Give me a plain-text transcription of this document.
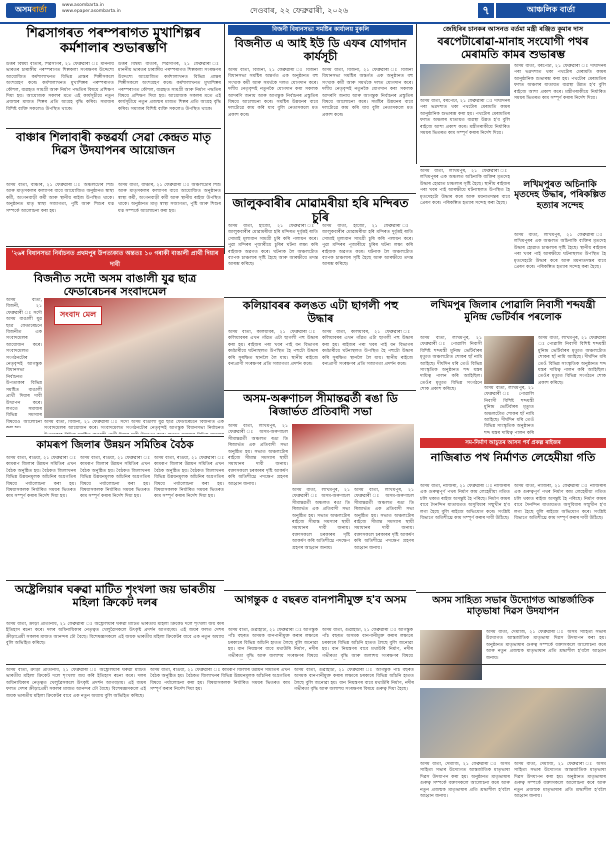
অসম বাৰ্তা	www.asombarta.in
www.epaper.asombarta.in	দেওবাৰ, ২২ ফেব্ৰুৱাৰী, ২০২৬	৭	আঞ্চলিক বাৰ্তা
শিৱসাগৰত পৰম্পৰাগত মুখাশিল্পৰ কৰ্মশালাৰ শুভাৰম্ভণি
উত্তৰ বিশ্বৰ্য্য বাতৰি, শিৱসাগৰ, ২১ ফেব্ৰুৱাৰী ঃ মাননীয় ভাৰতৰ চাৰাঙ্গীয় পৰম্পৰাগত শিল্পকলা সংৰক্ষণৰ উদ্দেশ্যে আয়োজিত কৰ্মশালাখনত বিভিন্ন প্ৰান্তৰ শিল্পীসকলে অংশগ্ৰহণ কৰে। কৰ্মশালাখনত মুখাশিল্পৰ পৰম্পৰাগত কৌশল, ব্যৱহৃত সামগ্ৰী আৰু নিৰ্মাণ পদ্ধতিৰ বিষয়ে প্ৰশিক্ষণ দিয়া হয়। আয়োজক সকলৰ মতে এই কাৰ্যসূচীয়ে নতুন প্ৰজন্মৰ মাজত শিল্পৰ প্ৰতি আগ্ৰহ বৃদ্ধি কৰিব। সমাজৰ বিশিষ্ট ব্যক্তি সকলেও উপস্থিত থাকে।
উত্তৰ বিশ্বৰ্য্য বাতৰি, শিৱসাগৰ, ২১ ফেব্ৰুৱাৰী ঃ মাননীয় ভাৰতৰ চাৰাঙ্গীয় পৰম্পৰাগত শিল্পকলা সংৰক্ষণৰ উদ্দেশ্যে আয়োজিত কৰ্মশালাখনত বিভিন্ন প্ৰান্তৰ শিল্পীসকলে অংশগ্ৰহণ কৰে। কৰ্মশালাখনত মুখাশিল্পৰ পৰম্পৰাগত কৌশল, ব্যৱহৃত সামগ্ৰী আৰু নিৰ্মাণ পদ্ধতিৰ বিষয়ে প্ৰশিক্ষণ দিয়া হয়। আয়োজক সকলৰ মতে এই কাৰ্যসূচীয়ে নতুন প্ৰজন্মৰ মাজত শিল্পৰ প্ৰতি আগ্ৰহ বৃদ্ধি কৰিব। সমাজৰ বিশিষ্ট ব্যক্তি সকলেও উপস্থিত থাকে।
বাঞ্চাৰ শিলাবাৰী কন্তৱৰ্যা সেৱা কেন্দ্ৰত মাতৃ দিৱস উদযাপনৰ আয়োজন
অসম বাৰ্তা, বাঞ্চাৰ, ২১ ফেব্ৰুৱাৰী ঃ অঞ্চলটোৰ শিশু আৰু মাতৃসকলৰ কল্যাণৰ বাবে আয়োজিত অনুষ্ঠানত স্বাস্থ্য কৰ্মী, অংগনবাড়ী কৰ্মী আৰু স্থানীয় ৰাইজ উপস্থিত থাকে। অনুষ্ঠানত মাতৃ স্বাস্থ্য সজাগতা, পুষ্টি আৰু শিশুৰ যত্ন সম্পৰ্কে আলোচনা কৰা হয়।
অসম বাৰ্তা, বাঞ্চাৰ, ২১ ফেব্ৰুৱাৰী ঃ অঞ্চলটোৰ শিশু আৰু মাতৃসকলৰ কল্যাণৰ বাবে আয়োজিত অনুষ্ঠানত স্বাস্থ্য কৰ্মী, অংগনবাড়ী কৰ্মী আৰু স্থানীয় ৰাইজ উপস্থিত থাকে। অনুষ্ঠানত মাতৃ স্বাস্থ্য সজাগতা, পুষ্টি আৰু শিশুৰ যত্ন সম্পৰ্কে আলোচনা কৰা হয়।
বিজনী বিধানসভা সমষ্টিৰ কাৰ্যালয় মুকলি
বিজনীত এ আই ইউ ডি এফৰ যোগদান কাৰ্যসূচী
অসম বাৰ্তা, বিজনী, ২১ ফেব্ৰুৱাৰী ঃ বিজনী বিধানসভা সমষ্টিৰ অন্তৰ্গত এক অনুষ্ঠানত বহু সংখ্যক কৰ্মী আৰু সমৰ্থকে দলত যোগদান কৰে। দলীয় নেতৃবৃন্দই নতুনকৈ যোগদান কৰা সকলক আদৰণি জনায় আৰু আগন্তুক নিৰ্বাচনৰ প্ৰস্তুতিৰ বিষয়ে আলোচনা কৰে। সমষ্টিৰ উন্নয়নৰ বাবে দলটোৱে কাম কৰি যাব বুলি নেতাসকলে মত প্ৰকাশ কৰে।
অসম বাৰ্তা, বিজনী, ২১ ফেব্ৰুৱাৰী ঃ বিজনী বিধানসভা সমষ্টিৰ অন্তৰ্গত এক অনুষ্ঠানত বহু সংখ্যক কৰ্মী আৰু সমৰ্থকে দলত যোগদান কৰে। দলীয় নেতৃবৃন্দই নতুনকৈ যোগদান কৰা সকলক আদৰণি জনায় আৰু আগন্তুক নিৰ্বাচনৰ প্ৰস্তুতিৰ বিষয়ে আলোচনা কৰে। সমষ্টিৰ উন্নয়নৰ বাবে দলটোৱে কাম কৰি যাব বুলি নেতাসকলে মত প্ৰকাশ কৰে।
জেহিৰিৰ চানকৰ আসনত বৰ্তমা মন্ত্ৰী ৰঞ্জিত কুমাৰ দাস
বৰপেটাৰোৱা-মানাহ সংযোগী পথৰ মেৰামতি কামৰ শুভাৰম্ভ
অসম বাৰ্তা, বৰপেটা, ২১ ফেব্ৰুৱাৰী ঃ দীৰ্ঘদিনৰ পৰা ভগ্নদশাত থকা পথটোৰ মেৰামতি কামৰ আনুষ্ঠানিক শুভাৰম্ভ কৰা হয়। পথটোৰ মেৰামতিৰ ফলত অঞ্চলৰ যাতায়ত ব্যৱস্থা উন্নত হ'ব বুলি ৰাইজে আশা প্ৰকাশ কৰে। মন্ত্ৰীগৰাকীয়ে নিৰ্ধাৰিত সময়ৰ ভিতৰত কাম সম্পূৰ্ণ কৰাৰ নিৰ্দেশ দিয়ে।
অসম বাৰ্তা, বৰপেটা, ২১ ফেব্ৰুৱাৰী ঃ দীৰ্ঘদিনৰ পৰা ভগ্নদশাত থকা পথটোৰ মেৰামতি কামৰ আনুষ্ঠানিক শুভাৰম্ভ কৰা হয়। পথটোৰ মেৰামতিৰ ফলত অঞ্চলৰ যাতায়ত ব্যৱস্থা উন্নত হ'ব বুলি ৰাইজে আশা প্ৰকাশ কৰে। মন্ত্ৰীগৰাকীয়ে নিৰ্ধাৰিত সময়ৰ ভিতৰত কাম সম্পূৰ্ণ কৰাৰ নিৰ্দেশ দিয়ে।
জালুকবাৰীৰ মোৱামৰীয়া হৰি মন্দিৰত চুৰি
অসম বাৰ্তা, হাজো, ২১ ফেব্ৰুৱাৰী ঃ জালুকবাৰীৰ মোৱামৰীয়া হৰি মন্দিৰত দুৰ্বৃত্তই ৰাতি সোমাই মূল্যবান সামগ্ৰী চুৰি কৰি পলায়ন কৰে। পুৱা মন্দিৰৰ পূজাৰীয়ে চুৰিৰ ঘটনা লক্ষ্য কৰি ৰাইজক অৱগত কৰে। ঘটনাক লৈ অঞ্চলটোত ব্যাপক চাঞ্চল্যৰ সৃষ্টি হৈছে আৰু আৰক্ষীয়ে তদন্ত আৰম্ভ কৰিছে।
অসম বাৰ্তা, হাজো, ২১ ফেব্ৰুৱাৰী ঃ জালুকবাৰীৰ মোৱামৰীয়া হৰি মন্দিৰত দুৰ্বৃত্তই ৰাতি সোমাই মূল্যবান সামগ্ৰী চুৰি কৰি পলায়ন কৰে। পুৱা মন্দিৰৰ পূজাৰীয়ে চুৰিৰ ঘটনা লক্ষ্য কৰি ৰাইজক অৱগত কৰে। ঘটনাক লৈ অঞ্চলটোত ব্যাপক চাঞ্চল্যৰ সৃষ্টি হৈছে আৰু আৰক্ষীয়ে তদন্ত আৰম্ভ কৰিছে।
অসম বাৰ্তা, লখিমপুৰ, ২১ ফেব্ৰুৱাৰী ঃ লখিমপুৰৰ এক অঞ্চলত অচিনাকি ব্যক্তিৰ মৃতদেহ উদ্ধাৰ হোৱাত চাঞ্চল্যৰ সৃষ্টি হৈছে। স্থানীয় ৰাইজৰ পৰা খবৰ পাই আৰক্ষীয়ে ঘটনাস্থলত উপস্থিত হৈ মৃতদেহটো উদ্ধাৰ কৰে আৰু ময়নাতদন্তৰ বাবে প্ৰেৰণ কৰে। পৰিকল্পিত হত্যাৰ সন্দেহ কৰা হৈছে।
লখিমপুৰত অচিনাকি মৃতদেহ উদ্ধাৰ, পৰিকল্পিত হত্যাৰ সন্দেহ
অসম বাৰ্তা, লখিমপুৰ, ২১ ফেব্ৰুৱাৰী ঃ লখিমপুৰৰ এক অঞ্চলত অচিনাকি ব্যক্তিৰ মৃতদেহ উদ্ধাৰ হোৱাত চাঞ্চল্যৰ সৃষ্টি হৈছে। স্থানীয় ৰাইজৰ পৰা খবৰ পাই আৰক্ষীয়ে ঘটনাস্থলত উপস্থিত হৈ মৃতদেহটো উদ্ধাৰ কৰে আৰু ময়নাতদন্তৰ বাবে প্ৰেৰণ কৰে। পৰিকল্পিত হত্যাৰ সন্দেহ কৰা হৈছে।
'২৬ৰ বিধানসভা নিৰ্বাচনত প্ৰথমপুৰ উপত্যকাত অন্ততঃ ১০ গৰাকী বাঙালী প্ৰাৰ্থী দিয়াৰ দাবী
বিজনীত সদৌ অসম বাঙালী যুৱ ছাত্ৰ ফেডাৰেচনৰ সংবাদমেল
অসম বাৰ্তা, বিজনী, ২১ ফেব্ৰুৱাৰী ঃ সদৌ অসম বাঙালী যুৱ ছাত্ৰ ফেডাৰেচনে বিজনীত এক সংবাদমেলৰ আয়োজন কৰে। সংবাদমেলত সংগঠনটোৰ নেতৃবৃন্দই আগন্তুক বিধানসভা নিৰ্বাচনত উপত্যকাৰ বিভিন্ন সমষ্টিত বাঙালী প্ৰাৰ্থী দিয়াৰ দাবী উত্থাপন কৰে। লগতে সমাজৰ বিভিন্ন সমস্যাৰ বিষয়েও আলোচনা
সংবাদ মেল
অসম বাৰ্তা, বিজনী, ২১ ফেব্ৰুৱাৰী ঃ সদৌ অসম বাঙালী যুৱ ছাত্ৰ ফেডাৰেচনে বিজনীত এক সংবাদমেলৰ আয়োজন কৰে। সংবাদমেলত সংগঠনটোৰ নেতৃবৃন্দই আগন্তুক বিধানসভা নিৰ্বাচনত
কলিয়াবৰৰ কলঙত এটা ছাগলী পহু উদ্ধাৰ
অসম বাৰ্তা, কলিয়াবৰ, ২১ ফেব্ৰুৱাৰী ঃ কলিয়াবৰৰ এখন গাঁৱত এটা ছাগলী পহু উদ্ধাৰ কৰা হয়। ৰাইজৰ পৰা খবৰ পাই বন বিভাগৰ কৰ্মচাৰীয়ে ঘটনাস্থলত উপস্থিত হৈ পহুটো উদ্ধাৰ কৰি সুৰক্ষিত স্থানলৈ লৈ যায়। স্থানীয় ৰাইজে বন্যপ্ৰাণী সংৰক্ষণৰ প্ৰতি সজাগতা প্ৰদৰ্শন কৰে।
অসম বাৰ্তা, কলিয়াবৰ, ২১ ফেব্ৰুৱাৰী ঃ কলিয়াবৰৰ এখন গাঁৱত এটা ছাগলী পহু উদ্ধাৰ কৰা হয়। ৰাইজৰ পৰা খবৰ পাই বন বিভাগৰ কৰ্মচাৰীয়ে ঘটনাস্থলত উপস্থিত হৈ পহুটো উদ্ধাৰ কৰি সুৰক্ষিত স্থানলৈ লৈ যায়। স্থানীয় ৰাইজে বন্যপ্ৰাণী সংৰক্ষণৰ প্ৰতি সজাগতা প্ৰদৰ্শন কৰে।
লখিমপুৰ জিলাৰ পোৱালি নিবাসী শব্দযন্ত্ৰী মুনিন্দ্ৰ ভেটিৰ্বাৰ পৰলোক
অসম বাৰ্তা, লখিমপুৰ, ২১ ফেব্ৰুৱাৰী ঃ পোৱালি নিবাসী বিশিষ্ট শব্দযন্ত্ৰী মুনিন্দ্ৰ ভেটিৰ্বাৰৰ মৃত্যুত অঞ্চলটোত শোকৰ ছাঁ নামি আহিছে। দীৰ্ঘদিন ধৰি তেওঁ বিভিন্ন সাংস্কৃতিক অনুষ্ঠানত শব্দ যন্ত্ৰৰ দায়িত্ব পালন কৰি আহিছিল। তেওঁৰ মৃত্যুত বিভিন্ন সংগঠনে শোক প্ৰকাশ কৰিছে।	অসম বাৰ্তা, লখিমপুৰ, ২১ ফেব্ৰুৱাৰী ঃ পোৱালি নিবাসী বিশিষ্ট শব্দযন্ত্ৰী মুনিন্দ্ৰ ভেটিৰ্বাৰৰ মৃত্যুত অঞ্চলটোত শোকৰ ছাঁ নামি আহিছে। দীৰ্ঘদিন ধৰি তেওঁ বিভিন্ন সাংস্কৃতিক অনুষ্ঠানত শব্দ যন্ত্ৰৰ দায়িত্ব পালন কৰি
অসম বাৰ্তা, লখিমপুৰ, ২১ ফেব্ৰুৱাৰী ঃ পোৱালি নিবাসী বিশিষ্ট শব্দযন্ত্ৰী মুনিন্দ্ৰ ভেটিৰ্বাৰৰ মৃত্যুত অঞ্চলটোত শোকৰ ছাঁ নামি আহিছে। দীৰ্ঘদিন ধৰি তেওঁ বিভিন্ন সাংস্কৃতিক অনুষ্ঠানত শব্দ যন্ত্ৰৰ দায়িত্ব পালন কৰি আহিছিল। তেওঁৰ মৃত্যুত বিভিন্ন সংগঠনে শোক প্ৰকাশ কৰিছে।
অসম-অৰুণাচল সীমান্তৱৰ্তী ৰঙা ডি ৰিজাৰ্ভত প্ৰতিবাদী সভা
অসম বাৰ্তা, লখিমপুৰ, ২১ ফেব্ৰুৱাৰী ঃ অসম-অৰুণাচল সীমান্তৱৰ্তী অঞ্চলত ৰঙা ডি ৰিজাৰ্ভত এক প্ৰতিবাদী সভা অনুষ্ঠিত হয়। সভাত অঞ্চলটোৰ ৰাইজে সীমান্ত সমস্যাৰ স্থায়ী সমাধানৰ দাবী জনায়। বক্তাসকলে চৰকাৰৰ দৃষ্টি আকৰ্ষণ কৰি অতিশীঘ্ৰে পদক্ষেপ গ্ৰহণৰ আহ্বান জনায়।
অসম বাৰ্তা, লখিমপুৰ, ২১ ফেব্ৰুৱাৰী ঃ অসম-অৰুণাচল সীমান্তৱৰ্তী অঞ্চলত ৰঙা ডি ৰিজাৰ্ভত এক প্ৰতিবাদী সভা অনুষ্ঠিত হয়। সভাত অঞ্চলটোৰ ৰাইজে সীমান্ত সমস্যাৰ স্থায়ী সমাধানৰ দাবী জনায়। বক্তাসকলে চৰকাৰৰ দৃষ্টি আকৰ্ষণ কৰি অতিশীঘ্ৰে পদক্ষেপ গ্ৰহণৰ আহ্বান জনায়।
অসম বাৰ্তা, লখিমপুৰ, ২১ ফেব্ৰুৱাৰী ঃ অসম-অৰুণাচল সীমান্তৱৰ্তী অঞ্চলত ৰঙা ডি ৰিজাৰ্ভত এক প্ৰতিবাদী সভা অনুষ্ঠিত হয়। সভাত অঞ্চলটোৰ ৰাইজে সীমান্ত সমস্যাৰ স্থায়ী সমাধানৰ দাবী জনায়। বক্তাসকলে চৰকাৰৰ দৃষ্টি আকৰ্ষণ কৰি অতিশীঘ্ৰে পদক্ষেপ গ্ৰহণৰ আহ্বান জনায়।
সম-নিৰ্মাণ আচুতৰ আসন পৰ্ব প্ৰকল্প ৰাইজৰ
নাজিৰাত পথ নিৰ্মাণত লেহেমীয়া গতি
অসম বাৰ্তা, নাজিৰা, ২১ ফেব্ৰুৱাৰী ঃ নাজিৰাৰ এক গুৰুত্বপূৰ্ণ পথৰ নিৰ্মাণ কাম লেহেমীয়া গতিত চলি থকাত ৰাইজ অসন্তুষ্ট হৈ পৰিছে। নিৰ্মাণ কামৰ বাবে দৈনন্দিন যাতায়তত অসুবিধাৰ সন্মুখীন হ'ব লগা হৈছে বুলি ৰাইজে অভিযোগ কৰে। সংশ্লিষ্ট বিভাগে অতিশীঘ্ৰে কাম সম্পূৰ্ণ কৰাৰ দাবী উঠিছে।
অসম বাৰ্তা, নাজিৰা, ২১ ফেব্ৰুৱাৰী ঃ নাজিৰাৰ এক গুৰুত্বপূৰ্ণ পথৰ নিৰ্মাণ কাম লেহেমীয়া গতিত চলি থকাত ৰাইজ অসন্তুষ্ট হৈ পৰিছে। নিৰ্মাণ কামৰ বাবে দৈনন্দিন যাতায়তত অসুবিধাৰ সন্মুখীন হ'ব লগা হৈছে বুলি ৰাইজে অভিযোগ কৰে। সংশ্লিষ্ট বিভাগে অতিশীঘ্ৰে কাম সম্পূৰ্ণ কৰাৰ দাবী উঠিছে।
কামৰূপ জিলাৰ উন্নয়ন সমিতিৰ বৈঠক
অসম বাৰ্তা, ৰঙিয়া, ২১ ফেব্ৰুৱাৰী ঃ কামৰূপ জিলাৰ উন্নয়ন সমিতিৰ এখন বৈঠক অনুষ্ঠিত হয়। বৈঠকত জিলাখনৰ বিভিন্ন উন্নয়নমূলক আঁচনিৰ অগ্ৰগতিৰ বিষয়ে পৰ্যালোচনা কৰা হয়। বিষয়াসকলক নিৰ্ধাৰিত সময়ৰ ভিতৰত কাম সম্পূৰ্ণ কৰাৰ নিৰ্দেশ দিয়া হয়।
অসম বাৰ্তা, ৰঙিয়া, ২১ ফেব্ৰুৱাৰী ঃ কামৰূপ জিলাৰ উন্নয়ন সমিতিৰ এখন বৈঠক অনুষ্ঠিত হয়। বৈঠকত জিলাখনৰ বিভিন্ন উন্নয়নমূলক আঁচনিৰ অগ্ৰগতিৰ বিষয়ে পৰ্যালোচনা কৰা হয়। বিষয়াসকলক নিৰ্ধাৰিত সময়ৰ ভিতৰত কাম সম্পূৰ্ণ কৰাৰ নিৰ্দেশ দিয়া হয়।
অসম বাৰ্তা, ৰঙিয়া, ২১ ফেব্ৰুৱাৰী ঃ কামৰূপ জিলাৰ উন্নয়ন সমিতিৰ এখন বৈঠক অনুষ্ঠিত হয়। বৈঠকত জিলাখনৰ বিভিন্ন উন্নয়নমূলক আঁচনিৰ অগ্ৰগতিৰ বিষয়ে পৰ্যালোচনা কৰা হয়। বিষয়াসকলক নিৰ্ধাৰিত সময়ৰ ভিতৰত কাম সম্পূৰ্ণ কৰাৰ নিৰ্দেশ দিয়া হয়।
আগন্তুক ৫ বছৰত বানপানীমুক্ত হ'ব অসম
অসম বাৰ্তা, গুৱাহাটী, ২১ ফেব্ৰুৱাৰী ঃ আগন্তুক পাঁচ বছৰত অসমক বানপানীমুক্ত কৰাৰ লক্ষ্যৰে চৰকাৰে বিভিন্ন আঁচনি হাতত লৈছে বুলি জনোৱা হয়। বান নিয়ন্ত্ৰণৰ বাবে মথাউৰি নিৰ্মাণ, নদীৰ গভীৰতা বৃদ্ধি আৰু জলাশয় সংৰক্ষণৰ বিষয়ে
অসম বাৰ্তা, গুৱাহাটী, ২১ ফেব্ৰুৱাৰী ঃ আগন্তুক পাঁচ বছৰত অসমক বানপানীমুক্ত কৰাৰ লক্ষ্যৰে চৰকাৰে বিভিন্ন আঁচনি হাতত লৈছে বুলি জনোৱা হয়। বান নিয়ন্ত্ৰণৰ বাবে মথাউৰি নিৰ্মাণ, নদীৰ গভীৰতা বৃদ্ধি আৰু জলাশয় সংৰক্ষণৰ বিষয়ে
অসম সাহিত্য সভাৰ উদ্যোগত আন্তৰ্জাতিক মাতৃভাষা দিৱস উদযাপন
অসম বাৰ্তা, দেমাজি, ২১ ফেব্ৰুৱাৰী ঃ অসম সাহিত্য সভাৰ উদ্যোগত আন্তৰ্জাতিক মাতৃভাষা দিৱস উদযাপন কৰা হয়। অনুষ্ঠানত মাতৃভাষাৰ গুৰুত্ব সম্পৰ্কে বক্তাসকলে আলোচনা কৰে আৰু নতুন প্ৰজন্মক মাতৃভাষাৰ প্ৰতি শ্ৰদ্ধাশীল হ'বলৈ আহ্বান জনায়।
অষ্ট্ৰেলিয়াৰ ঘৰুৱা মাটিত শৃংখলা জয় ভাৰতীয় মহিলা ক্ৰিকেট দলৰ
অসম বাৰ্তা, ক্ৰীড়া প্ৰতিনিধি, ২১ ফেব্ৰুৱাৰী ঃ অষ্ট্ৰেলিয়াৰ ঘৰুৱা মাটিত ভাৰতীয় মহিলা ক্ৰিকেট দলে শৃংখলা জয় কৰি ইতিহাস ৰচনা কৰে। দলৰ অধিনায়িকাৰ নেতৃত্বত খেলুৱৈসকলে উৎকৃষ্ট প্ৰদৰ্শন আগবঢ়ায়। এই জয়ৰ ফলত দেশৰ ক্ৰীড়াপ্ৰেমী সকলৰ মাজত আনন্দৰ ঢৌ বৈছে। বিশেষজ্ঞসকলে এই জয়ক ভাৰতীয় মহিলা ক্ৰিকেটৰ বাবে এক নতুন অধ্যায় বুলি অভিহিত কৰিছে।
অসম বাৰ্তা, ক্ৰীড়া প্ৰতিনিধি, ২১ ফেব্ৰুৱাৰী ঃ অষ্ট্ৰেলিয়াৰ ঘৰুৱা মাটিত ভাৰতীয় মহিলা ক্ৰিকেট দলে শৃংখলা জয় কৰি ইতিহাস ৰচনা কৰে। দলৰ অধিনায়িকাৰ নেতৃত্বত খেলুৱৈসকলে উৎকৃষ্ট প্ৰদৰ্শন আগবঢ়ায়। এই জয়ৰ ফলত দেশৰ ক্ৰীড়াপ্ৰেমী সকলৰ মাজত আনন্দৰ ঢৌ বৈছে। বিশেষজ্ঞসকলে এই জয়ক ভাৰতীয় মহিলা ক্ৰিকেটৰ বাবে এক নতুন অধ্যায় বুলি অভিহিত কৰিছে।
অসম বাৰ্তা, ৰঙিয়া, ২১ ফেব্ৰুৱাৰী ঃ কামৰূপ জিলাৰ উন্নয়ন সমিতিৰ এখন বৈঠক অনুষ্ঠিত হয়। বৈঠকত জিলাখনৰ বিভিন্ন উন্নয়নমূলক আঁচনিৰ অগ্ৰগতিৰ বিষয়ে পৰ্যালোচনা কৰা হয়। বিষয়াসকলক নিৰ্ধাৰিত সময়ৰ ভিতৰত কাম সম্পূৰ্ণ কৰাৰ নিৰ্দেশ দিয়া হয়।
অসম বাৰ্তা, গুৱাহাটী, ২১ ফেব্ৰুৱাৰী ঃ আগন্তুক পাঁচ বছৰত অসমক বানপানীমুক্ত কৰাৰ লক্ষ্যৰে চৰকাৰে বিভিন্ন আঁচনি হাতত লৈছে বুলি জনোৱা হয়। বান নিয়ন্ত্ৰণৰ বাবে মথাউৰি নিৰ্মাণ, নদীৰ গভীৰতা বৃদ্ধি আৰু জলাশয় সংৰক্ষণৰ বিষয়ে গুৰুত্ব দিয়া হৈছে।
অসম বাৰ্তা, দেমাজি, ২১ ফেব্ৰুৱাৰী ঃ অসম সাহিত্য সভাৰ উদ্যোগত আন্তৰ্জাতিক মাতৃভাষা দিৱস উদযাপন কৰা হয়। অনুষ্ঠানত মাতৃভাষাৰ গুৰুত্ব সম্পৰ্কে বক্তাসকলে আলোচনা কৰে আৰু নতুন প্ৰজন্মক মাতৃভাষাৰ প্ৰতি শ্ৰদ্ধাশীল হ'বলৈ আহ্বান জনায়।
অসম বাৰ্তা, দেমাজি, ২১ ফেব্ৰুৱাৰী ঃ অসম সাহিত্য সভাৰ উদ্যোগত আন্তৰ্জাতিক মাতৃভাষা দিৱস উদযাপন কৰা হয়। অনুষ্ঠানত মাতৃভাষাৰ গুৰুত্ব সম্পৰ্কে বক্তাসকলে আলোচনা কৰে আৰু নতুন প্ৰজন্মক মাতৃভাষাৰ প্ৰতি শ্ৰদ্ধাশীল হ'বলৈ আহ্বান জনায়।
